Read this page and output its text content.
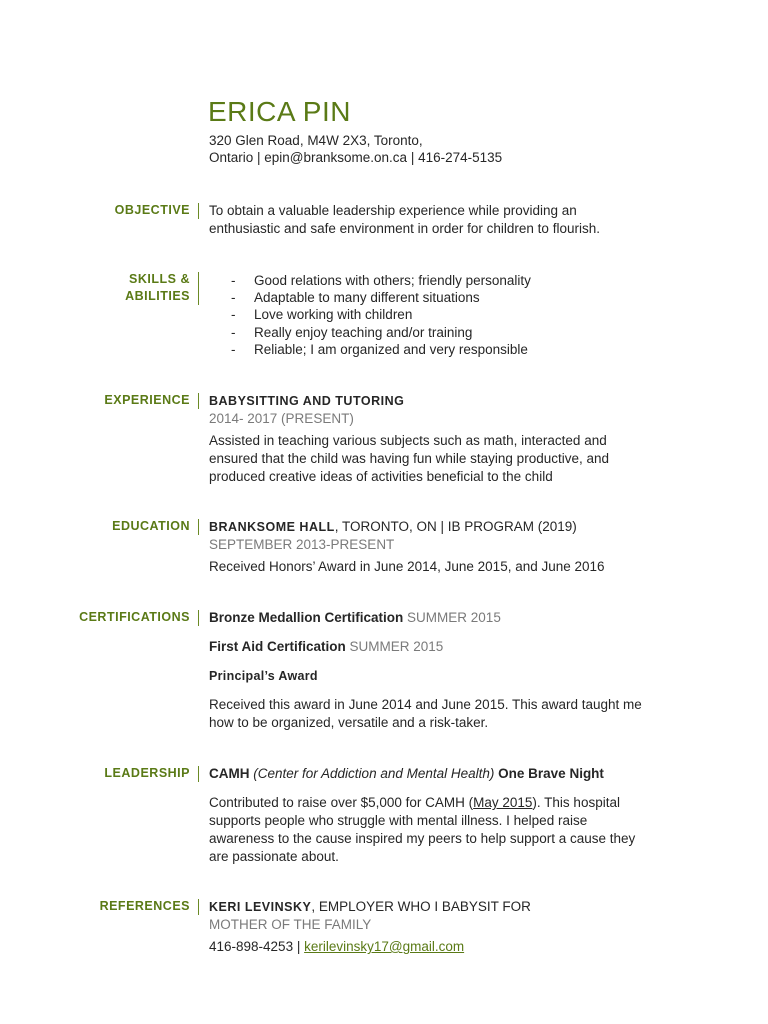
ERICA PIN
320 Glen Road, M4W 2X3, Toronto,
Ontario | epin@branksome.on.ca | 416-274-5135
OBJECTIVE To obtain a valuable leadership experience while providing an
enthusiastic and safe environment in order for children to flourish.
SKILLS &
ABILITIES
- Good relations with others; friendly personality
- Adaptable to many different situations
- Love working with children
- Really enjoy teaching and/or training
- Reliable; I am organized and very responsible
EXPERIENCE BABYSITTING AND TUTORING
2014- 2017 (PRESENT)
Assisted in teaching various subjects such as math, interacted and
ensured that the child was having fun while staying productive, and
produced creative ideas of activities beneficial to the child
EDUCATION BRANKSOME HALL, TORONTO, ON | IB PROGRAM (2019)
SEPTEMBER 2013-PRESENT
Received Honors’ Award in June 2014, June 2015, and June 2016
CERTIFICATIONS Bronze Medallion Certification SUMMER 2015
First Aid Certification SUMMER 2015
Principal’s Award
Received this award in June 2014 and June 2015. This award taught me
how to be organized, versatile and a risk-taker.
LEADERSHIP CAMH (Center for Addiction and Mental Health) One Brave Night
Contributed to raise over $5,000 for CAMH (May 2015). This hospital
supports people who struggle with mental illness. I helped raise
awareness to the cause inspired my peers to help support a cause they
are passionate about.
REFERENCES KERI LEVINSKY, EMPLOYER WHO I BABYSIT FOR
MOTHER OF THE FAMILY
416-898-4253 | kerilevinsky17@gmail.com
